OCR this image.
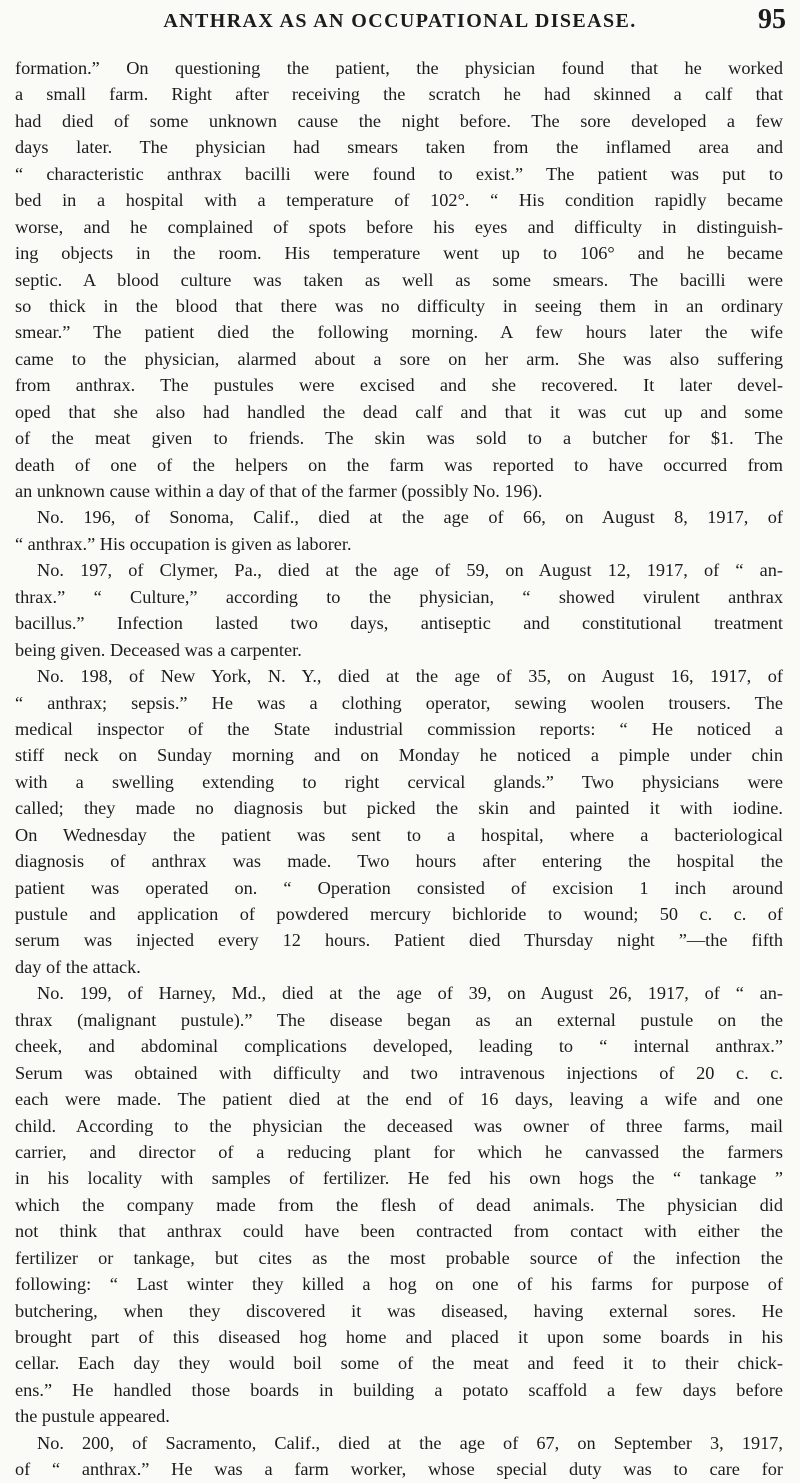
ANTHRAX AS AN OCCUPATIONAL DISEASE.	95
formation.” On questioning the patient, the physician found that he worked
a small farm. Right after receiving the scratch he had skinned a calf that
had died of some unknown cause the night before. The sore developed a few
days later. The physician had smears taken from the inflamed area and
“ characteristic anthrax bacilli were found to exist.” The patient was put to
bed in a hospital with a temperature of 102°. “ His condition rapidly became
worse, and he complained of spots before his eyes and difficulty in distinguish-
ing objects in the room. His temperature went up to 106° and he became
septic. A blood culture was taken as well as some smears. The bacilli were
so thick in the blood that there was no difficulty in seeing them in an ordinary
smear.” The patient died the following morning. A few hours later the wife
came to the physician, alarmed about a sore on her arm. She was also suffering
from anthrax. The pustules were excised and she recovered. It later devel-
oped that she also had handled the dead calf and that it was cut up and some
of the meat given to friends. The skin was sold to a butcher for $1. The
death of one of the helpers on the farm was reported to have occurred from
an unknown cause within a day of that of the farmer (possibly No. 196).
No. 196, of Sonoma, Calif., died at the age of 66, on August 8, 1917, of
“ anthrax.” His occupation is given as laborer.
No. 197, of Clymer, Pa., died at the age of 59, on August 12, 1917, of “ an-
thrax.” “ Culture,” according to the physician, “ showed virulent anthrax
bacillus.” Infection lasted two days, antiseptic and constitutional treatment
being given. Deceased was a carpenter.
No. 198, of New York, N. Y., died at the age of 35, on August 16, 1917, of
“ anthrax; sepsis.” He was a clothing operator, sewing woolen trousers. The
medical inspector of the State industrial commission reports: “ He noticed a
stiff neck on Sunday morning and on Monday he noticed a pimple under chin
with a swelling extending to right cervical glands.” Two physicians were
called; they made no diagnosis but picked the skin and painted it with iodine.
On Wednesday the patient was sent to a hospital, where a bacteriological
diagnosis of anthrax was made. Two hours after entering the hospital the
patient was operated on. “ Operation consisted of excision 1 inch around
pustule and application of powdered mercury bichloride to wound; 50 c. c. of
serum was injected every 12 hours. Patient died Thursday night ”—the fifth
day of the attack.
No. 199, of Harney, Md., died at the age of 39, on August 26, 1917, of “ an-
thrax (malignant pustule).” The disease began as an external pustule on the
cheek, and abdominal complications developed, leading to “ internal anthrax.”
Serum was obtained with difficulty and two intravenous injections of 20 c. c.
each were made. The patient died at the end of 16 days, leaving a wife and one
child. According to the physician the deceased was owner of three farms, mail
carrier, and director of a reducing plant for which he canvassed the farmers
in his locality with samples of fertilizer. He fed his own hogs the “ tankage ”
which the company made from the flesh of dead animals. The physician did
not think that anthrax could have been contracted from contact with either the
fertilizer or tankage, but cites as the most probable source of the infection the
following: “ Last winter they killed a hog on one of his farms for purpose of
butchering, when they discovered it was diseased, having external sores. He
brought part of this diseased hog home and placed it upon some boards in his
cellar. Each day they would boil some of the meat and feed it to their chick-
ens.” He handled those boards in building a potato scaffold a few days before
the pustule appeared.
No. 200, of Sacramento, Calif., died at the age of 67, on September 3, 1917,
of “ anthrax.” He was a farm worker, whose special duty was to care for
